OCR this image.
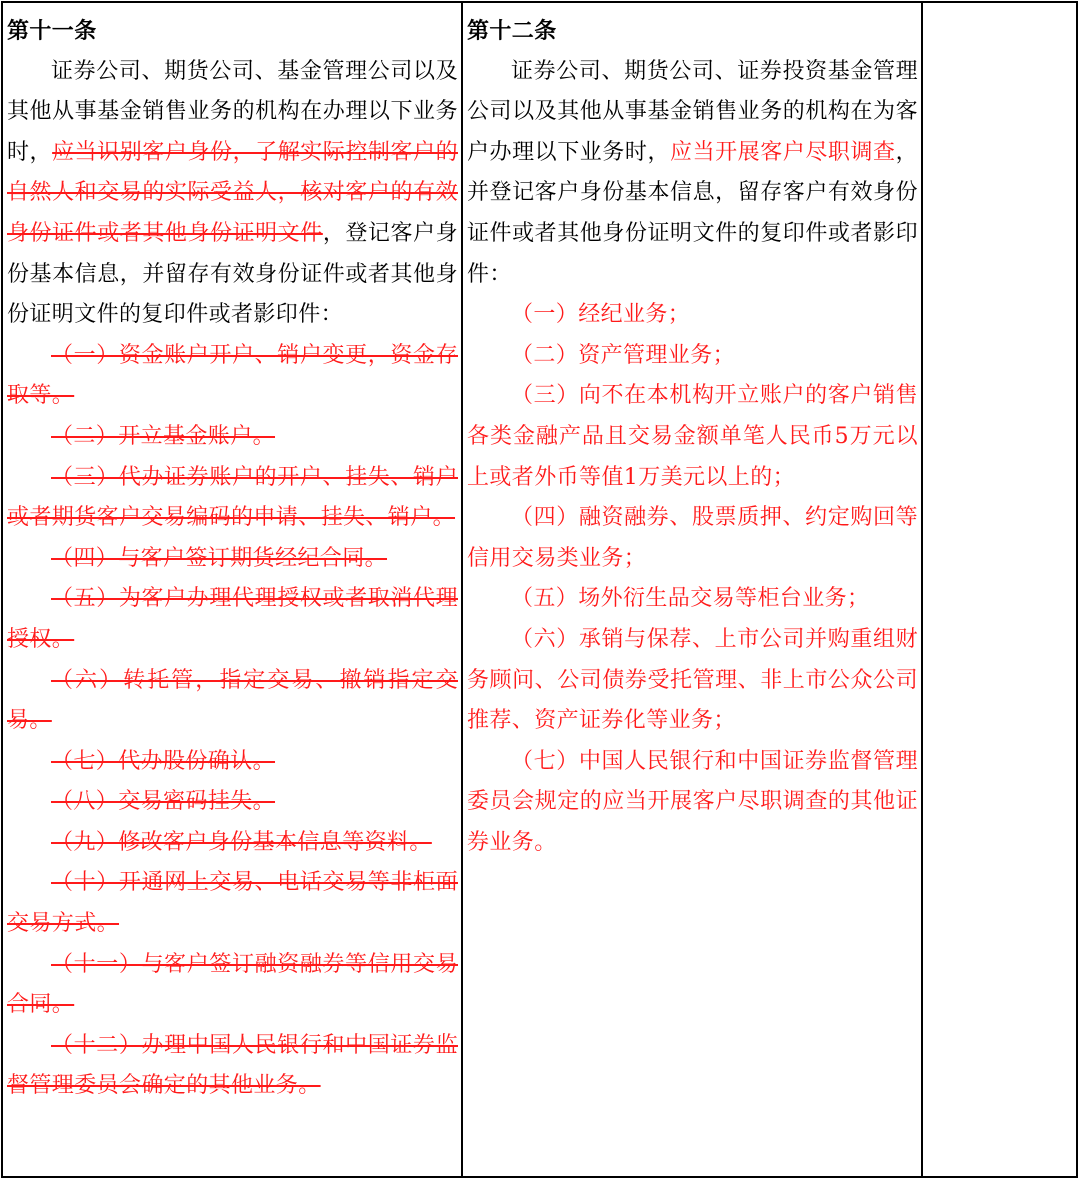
第十一条

证券公司、期货公司、基金管理公司以及其他从事基金销售业务的机构在办理以下业务时，应当识别客户身份，了解实际控制客户的自然人和交易的实际受益人，核对客户的有效身份证件或者其他身份证明文件，登记客户身份基本信息，并留存有效身份证件或者其他身份证明文件的复印件或者影印件：

（一）资金账户开户、销户变更，资金存取等。

（二）开立基金账户。

（三）代办证券账户的开户、挂失、销户或者期货客户交易编码的申请、挂失、销户。

（四）与客户签订期货经纪合同。

（五）为客户办理代理授权或者取消代理授权。

（六）转托管，指定交易、撤销指定交易。

（七）代办股份确认。

（八）交易密码挂失。

（九）修改客户身份基本信息等资料。

（十）开通网上交易、电话交易等非柜面交易方式。

（十一）与客户签订融资融券等信用交易合同。

（十二）办理中国人民银行和中国证券监督管理委员会确定的其他业务。

第十二条

证券公司、期货公司、证券投资基金管理公司以及其他从事基金销售业务的机构在为客户办理以下业务时，应当开展客户尽职调查，并登记客户身份基本信息，留存客户有效身份证件或者其他身份证明文件的复印件或者影印件：

（一）经纪业务；

（二）资产管理业务；

（三）向不在本机构开立账户的客户销售各类金融产品且交易金额单笔人民币5万元以上或者外币等值1万美元以上的；

（四）融资融券、股票质押、约定购回等信用交易类业务；

（五）场外衍生品交易等柜台业务；

（六）承销与保荐、上市公司并购重组财务顾问、公司债券受托管理、非上市公众公司推荐、资产证券化等业务；

（七）中国人民银行和中国证券监督管理委员会规定的应当开展客户尽职调查的其他证券业务。
